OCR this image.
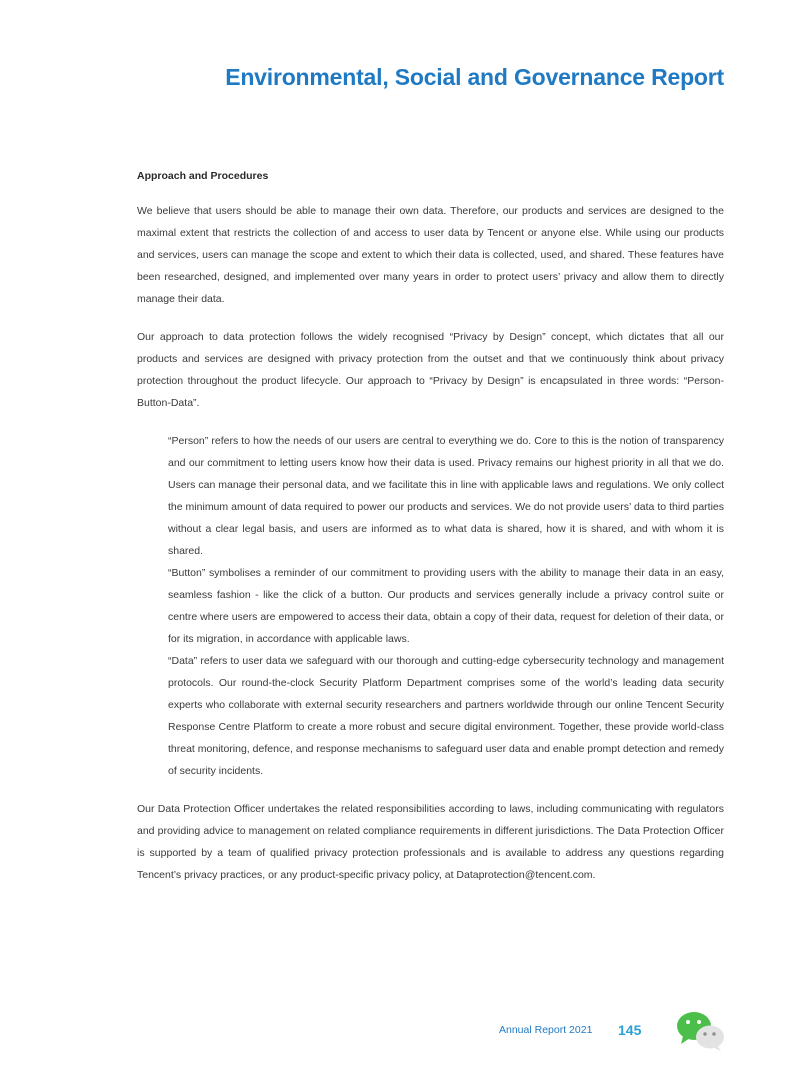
Environmental, Social and Governance Report
Approach and Procedures

We believe that users should be able to manage their own data. Therefore, our products and services are designed to the maximal extent that restricts the collection of and access to user data by Tencent or anyone else. While using our products and services, users can manage the scope and extent to which their data is collected, used, and shared. These features have been researched, designed, and implemented over many years in order to protect users’ privacy and allow them to directly manage their data.

Our approach to data protection follows the widely recognised “Privacy by Design” concept, which dictates that all our products and services are designed with privacy protection from the outset and that we continuously think about privacy protection throughout the product lifecycle. Our approach to “Privacy by Design” is encapsulated in three words: “Person-Button-Data”.

“Person” refers to how the needs of our users are central to everything we do. Core to this is the notion of transparency and our commitment to letting users know how their data is used. Privacy remains our highest priority in all that we do. Users can manage their personal data, and we facilitate this in line with applicable laws and regulations. We only collect the minimum amount of data required to power our products and services. We do not provide users’ data to third parties without a clear legal basis, and users are informed as to what data is shared, how it is shared, and with whom it is shared.

“Button” symbolises a reminder of our commitment to providing users with the ability to manage their data in an easy, seamless fashion - like the click of a button. Our products and services generally include a privacy control suite or centre where users are empowered to access their data, obtain a copy of their data, request for deletion of their data, or for its migration, in accordance with applicable laws.

“Data” refers to user data we safeguard with our thorough and cutting-edge cybersecurity technology and management protocols. Our round-the-clock Security Platform Department comprises some of the world’s leading data security experts who collaborate with external security researchers and partners worldwide through our online Tencent Security Response Centre Platform to create a more robust and secure digital environment. Together, these provide world-class threat monitoring, defence, and response mechanisms to safeguard user data and enable prompt detection and remedy of security incidents.

Our Data Protection Officer undertakes the related responsibilities according to laws, including communicating with regulators and providing advice to management on related compliance requirements in different jurisdictions. The Data Protection Officer is supported by a team of qualified privacy protection professionals and is available to address any questions regarding Tencent’s privacy practices, or any product-specific privacy policy, at Dataprotection@tencent.com.

Annual Report 2021 145
